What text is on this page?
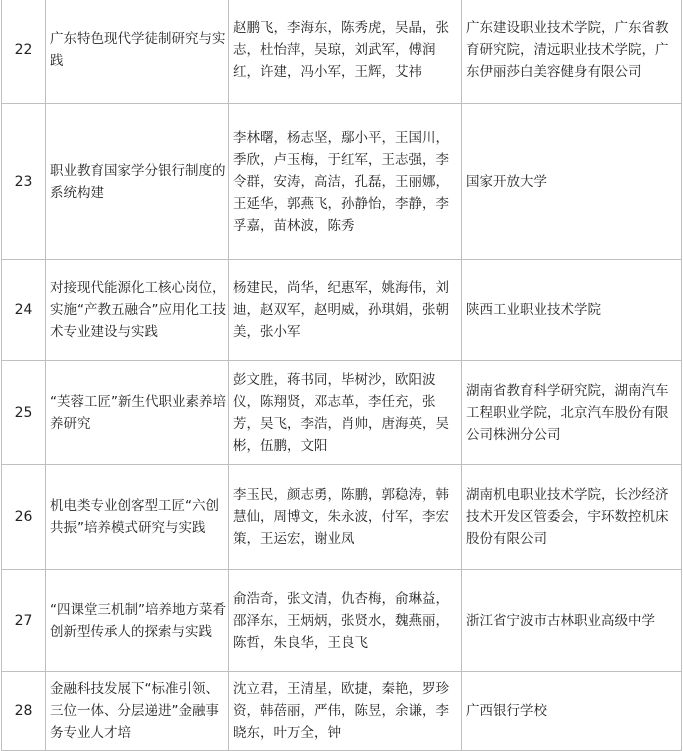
22	广东特色现代学徒制研究与实践	赵鹏飞，李海东，陈秀虎，吴晶，张志，杜怡萍，吴琼，刘武军，傅润红，许建，冯小军，王辉，艾祎	广东建设职业技术学院，广东省教育研究院，清远职业技术学院，广东伊丽莎白美容健身有限公司
23	职业教育国家学分银行制度的系统构建	李林曙，杨志坚，鄢小平，王国川，季欣，卢玉梅，于红军，王志强，李令群，安涛，高洁，孔磊，王丽娜，王延华，郭燕飞，孙静怡，李静，李孚嘉，苗林波，陈秀	国家开放大学
24	对接现代能源化工核心岗位，实施“产教五融合”应用化工技术专业建设与实践	杨建民，尚华，纪惠军，姚海伟，刘迪，赵双军，赵明威，孙琪娟，张朝美，张小军	陕西工业职业技术学院
25	“芙蓉工匠”新生代职业素养培养研究	彭文胜，蒋书同，毕树沙，欧阳波仪，陈翔贤，邓志革，李任充，张芳，吴飞，李浩，肖帅，唐海英，吴彬，伍鹏，文阳	湖南省教育科学研究院，湖南汽车工程职业学院，北京汽车股份有限公司株洲分公司
26	机电类专业创客型工匠“六创共振”培养模式研究与实践	李玉民，颜志勇，陈鹏，郭稳涛，韩慧仙，周博文，朱永波，付军，李宏策，王运宏，谢业凤	湖南机电职业技术学院，长沙经济技术开发区管委会，宇环数控机床股份有限公司
27	“四课堂三机制”培养地方菜肴创新型传承人的探索与实践	俞浩奇，张文清，仇杏梅，俞琳益，邵泽东，王炳炳，张贤水，魏燕丽，陈哲，朱良华，王良飞	浙江省宁波市古林职业高级中学
28	金融科技发展下“标准引领、三位一体、分层递进”金融事务专业人才培	沈立君，王清星，欧捷，秦艳，罗珍资，韩蓓丽，严伟，陈昱，余谦，李晓东，叶万全，钟	广西银行学校
